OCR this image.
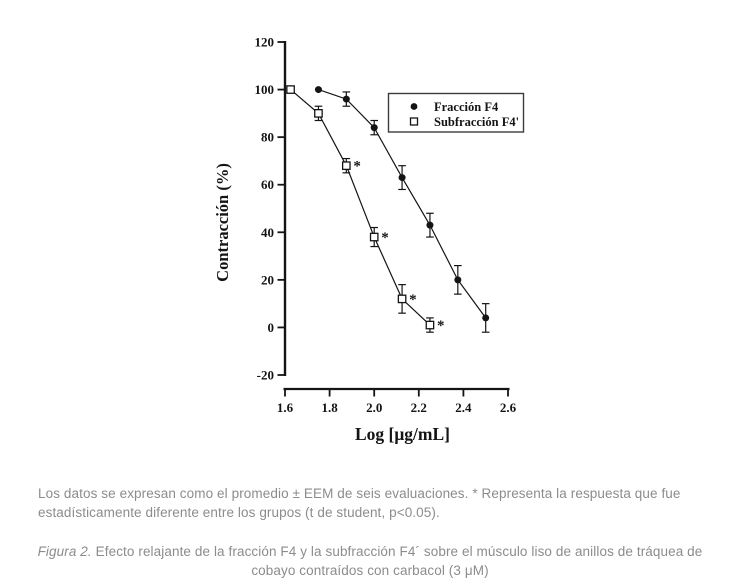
-20
0
20
40
60
80
100
120
1.6 1.8 2.0 2.2 2.4 2.6
Log [μg/mL]
Contracción (%)	*
*
*
*
Fracción F4
Subfracción F4'

Los datos se expresan como el promedio ± EEM de seis evaluaciones. * Representa la respuesta que fue estadísticamente diferente entre los grupos (t de student, p<0.05).

Figura 2. Efecto relajante de la fracción F4 y la subfracción F4´ sobre el músculo liso de anillos de tráquea de cobayo contraídos con carbacol (3 μM)
